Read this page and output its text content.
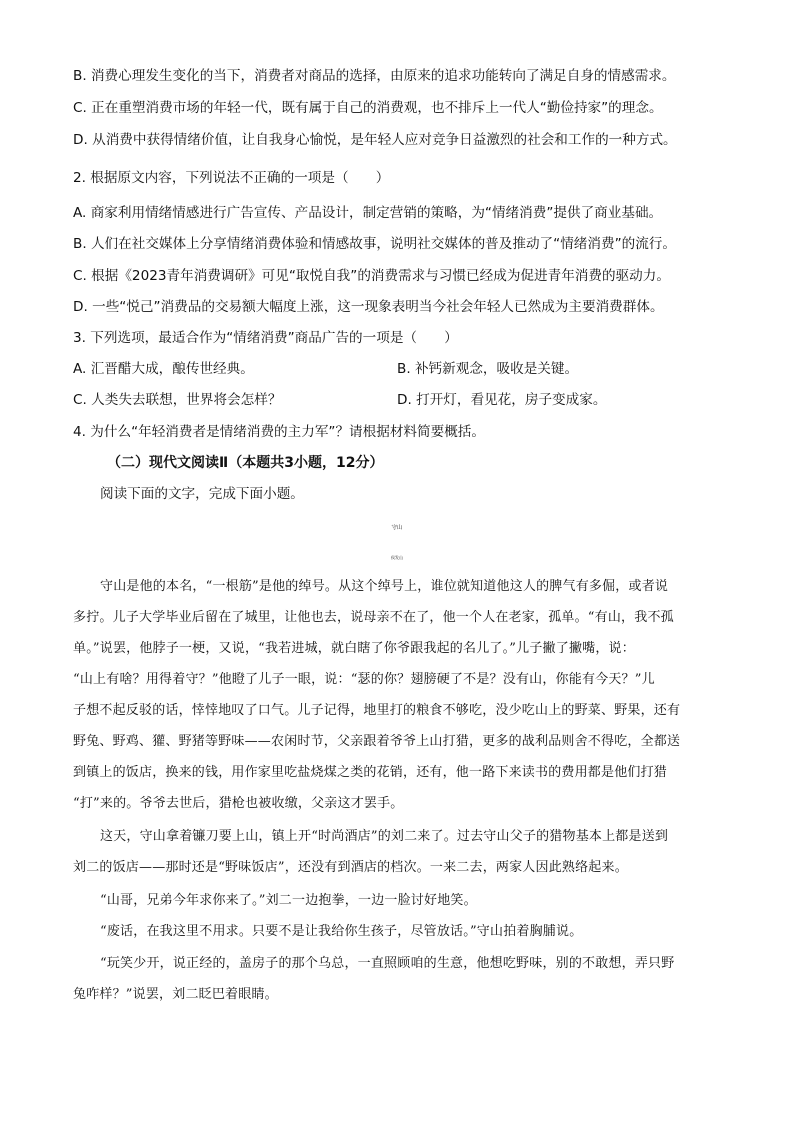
B. 消费心理发生变化的当下，消费者对商品的选择，由原来的追求功能转向了满足自身的情感需求。
C. 正在重塑消费市场的年轻一代，既有属于自己的消费观，也不排斥上一代人“勤俭持家”的理念。
D. 从消费中获得情绪价值，让自我身心愉悦，是年轻人应对竞争日益激烈的社会和工作的一种方式。
2. 根据原文内容，下列说法不正确的一项是（　　）
A. 商家利用情绪情感进行广告宣传、产品设计，制定营销的策略，为“情绪消费”提供了商业基础。
B. 人们在社交媒体上分享情绪消费体验和情感故事，说明社交媒体的普及推动了“情绪消费”的流行。
C. 根据《2023青年消费调研》可见“取悦自我”的消费需求与习惯已经成为促进青年消费的驱动力。
D. 一些“悦己”消费品的交易额大幅度上涨，这一现象表明当今社会年轻人已然成为主要消费群体。
3. 下列选项，最适合作为“情绪消费”商品广告的一项是（　　）
A. 汇晋醋大成，酿传世经典。	B. 补钙新观念，吸收是关键。
C. 人类失去联想，世界将会怎样？	D. 打开灯，看见花，房子变成家。
4. 为什么“年轻消费者是情绪消费的主力军”？请根据材料简要概括。
（二）现代文阅读Ⅱ（本题共3小题，12分）
阅读下面的文字，完成下面小题。
守山
侯发山
守山是他的本名，“一根筋”是他的绰号。从这个绰号上，谁位就知道他这人的脾气有多倔，或者说
多拧。儿子大学毕业后留在了城里，让他也去，说母亲不在了，他一个人在老家，孤单。“有山，我不孤
单。”说罢，他脖子一梗，又说，“我若进城，就白瞎了你爷跟我起的名儿了。”儿子撇了撇嘴，说：
“山上有啥？用得着守？”他瞪了儿子一眼，说：“瑟的你？翅膀硬了不是？没有山，你能有今天？”儿
子想不起反驳的话，悻悻地叹了口气。儿子记得，地里打的粮食不够吃，没少吃山上的野菜、野果，还有
野兔、野鸡、獾、野猪等野味——农闲时节，父亲跟着爷爷上山打猎，更多的战利品则舍不得吃，全都送
到镇上的饭店，换来的钱，用作家里吃盐烧煤之类的花销，还有，他一路下来读书的费用都是他们打猎
“打”来的。爷爷去世后，猎枪也被收缴，父亲这才罢手。
这天，守山拿着镰刀要上山，镇上开“时尚酒店”的刘二来了。过去守山父子的猎物基本上都是送到
刘二的饭店——那时还是“野味饭店”，还没有到酒店的档次。一来二去，两家人因此熟络起来。
“山哥，兄弟今年求你来了。”刘二一边抱拳，一边一脸讨好地笑。
“废话，在我这里不用求。只要不是让我给你生孩子，尽管放话。”守山拍着胸脯说。
“玩笑少开，说正经的，盖房子的那个乌总，一直照顾咱的生意，他想吃野味，别的不敢想，弄只野
兔咋样？”说罢，刘二眨巴着眼睛。
